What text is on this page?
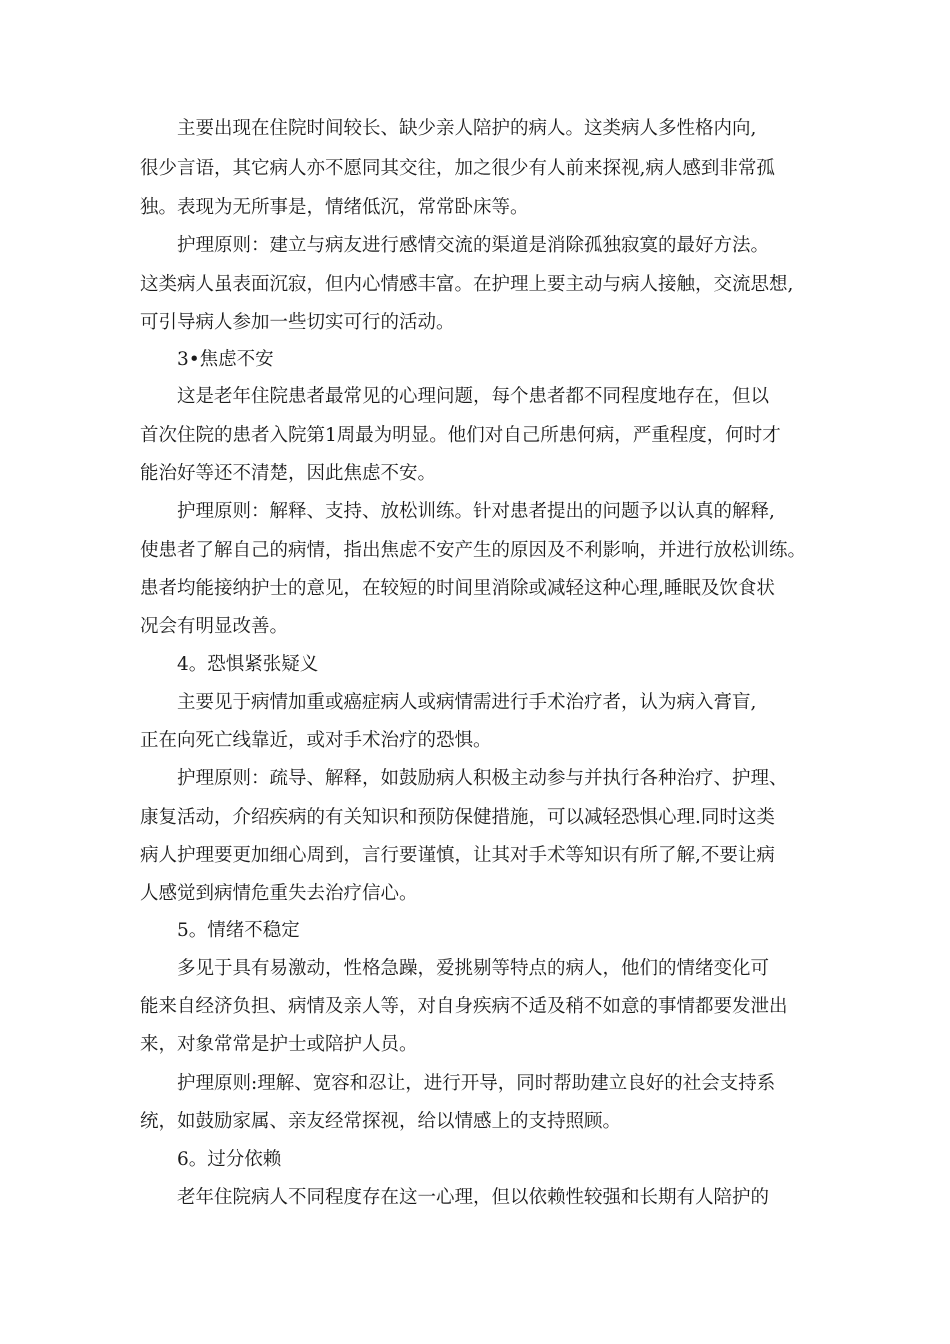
主要出现在住院时间较长、缺少亲人陪护的病人。这类病人多性格内向,
很少言语，其它病人亦不愿同其交往，加之很少有人前来探视,病人感到非常孤
独。表现为无所事是，情绪低沉，常常卧床等。
护理原则：建立与病友进行感情交流的渠道是消除孤独寂寞的最好方法。
这类病人虽表面沉寂，但内心情感丰富。在护理上要主动与病人接触，交流思想,
可引导病人参加一些切实可行的活动。
3•焦虑不安
这是老年住院患者最常见的心理问题，每个患者都不同程度地存在，但以
首次住院的患者入院第1周最为明显。他们对自己所患何病，严重程度，何时才
能治好等还不清楚，因此焦虑不安。
护理原则：解释、支持、放松训练。针对患者提出的问题予以认真的解释,
使患者了解自己的病情，指出焦虑不安产生的原因及不利影响，并进行放松训练。
患者均能接纳护士的意见，在较短的时间里消除或减轻这种心理,睡眠及饮食状
况会有明显改善。
4。恐惧紧张疑义
主要见于病情加重或癌症病人或病情需进行手术治疗者，认为病入膏盲,
正在向死亡线靠近，或对手术治疗的恐惧。
护理原则：疏导、解释，如鼓励病人积极主动参与并执行各种治疗、护理、
康复活动，介绍疾病的有关知识和预防保健措施，可以减轻恐惧心理.同时这类
病人护理要更加细心周到，言行要谨慎，让其对手术等知识有所了解,不要让病
人感觉到病情危重失去治疗信心。
5。情绪不稳定
多见于具有易激动，性格急躁，爱挑剔等特点的病人，他们的情绪变化可
能来自经济负担、病情及亲人等，对自身疾病不适及稍不如意的事情都要发泄出
来，对象常常是护士或陪护人员。
护理原则:理解、宽容和忍让，进行开导，同时帮助建立良好的社会支持系
统，如鼓励家属、亲友经常探视，给以情感上的支持照顾。
6。过分依赖
老年住院病人不同程度存在这一心理，但以依赖性较强和长期有人陪护的
